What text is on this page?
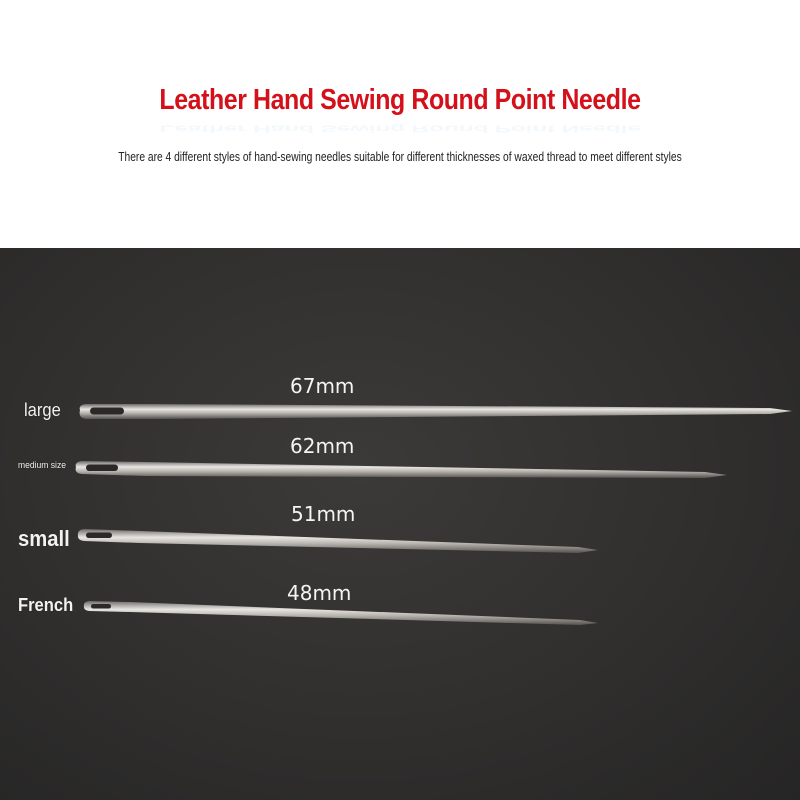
Leather Hand Sewing Round Point Needle
Leather Hand Sewing Round Point Needle
There are 4 different styles of hand-sewing needles suitable for different thicknesses of waxed thread to meet different styles
large
67mm
medium size
62mm
small
51mm
French	48mm
